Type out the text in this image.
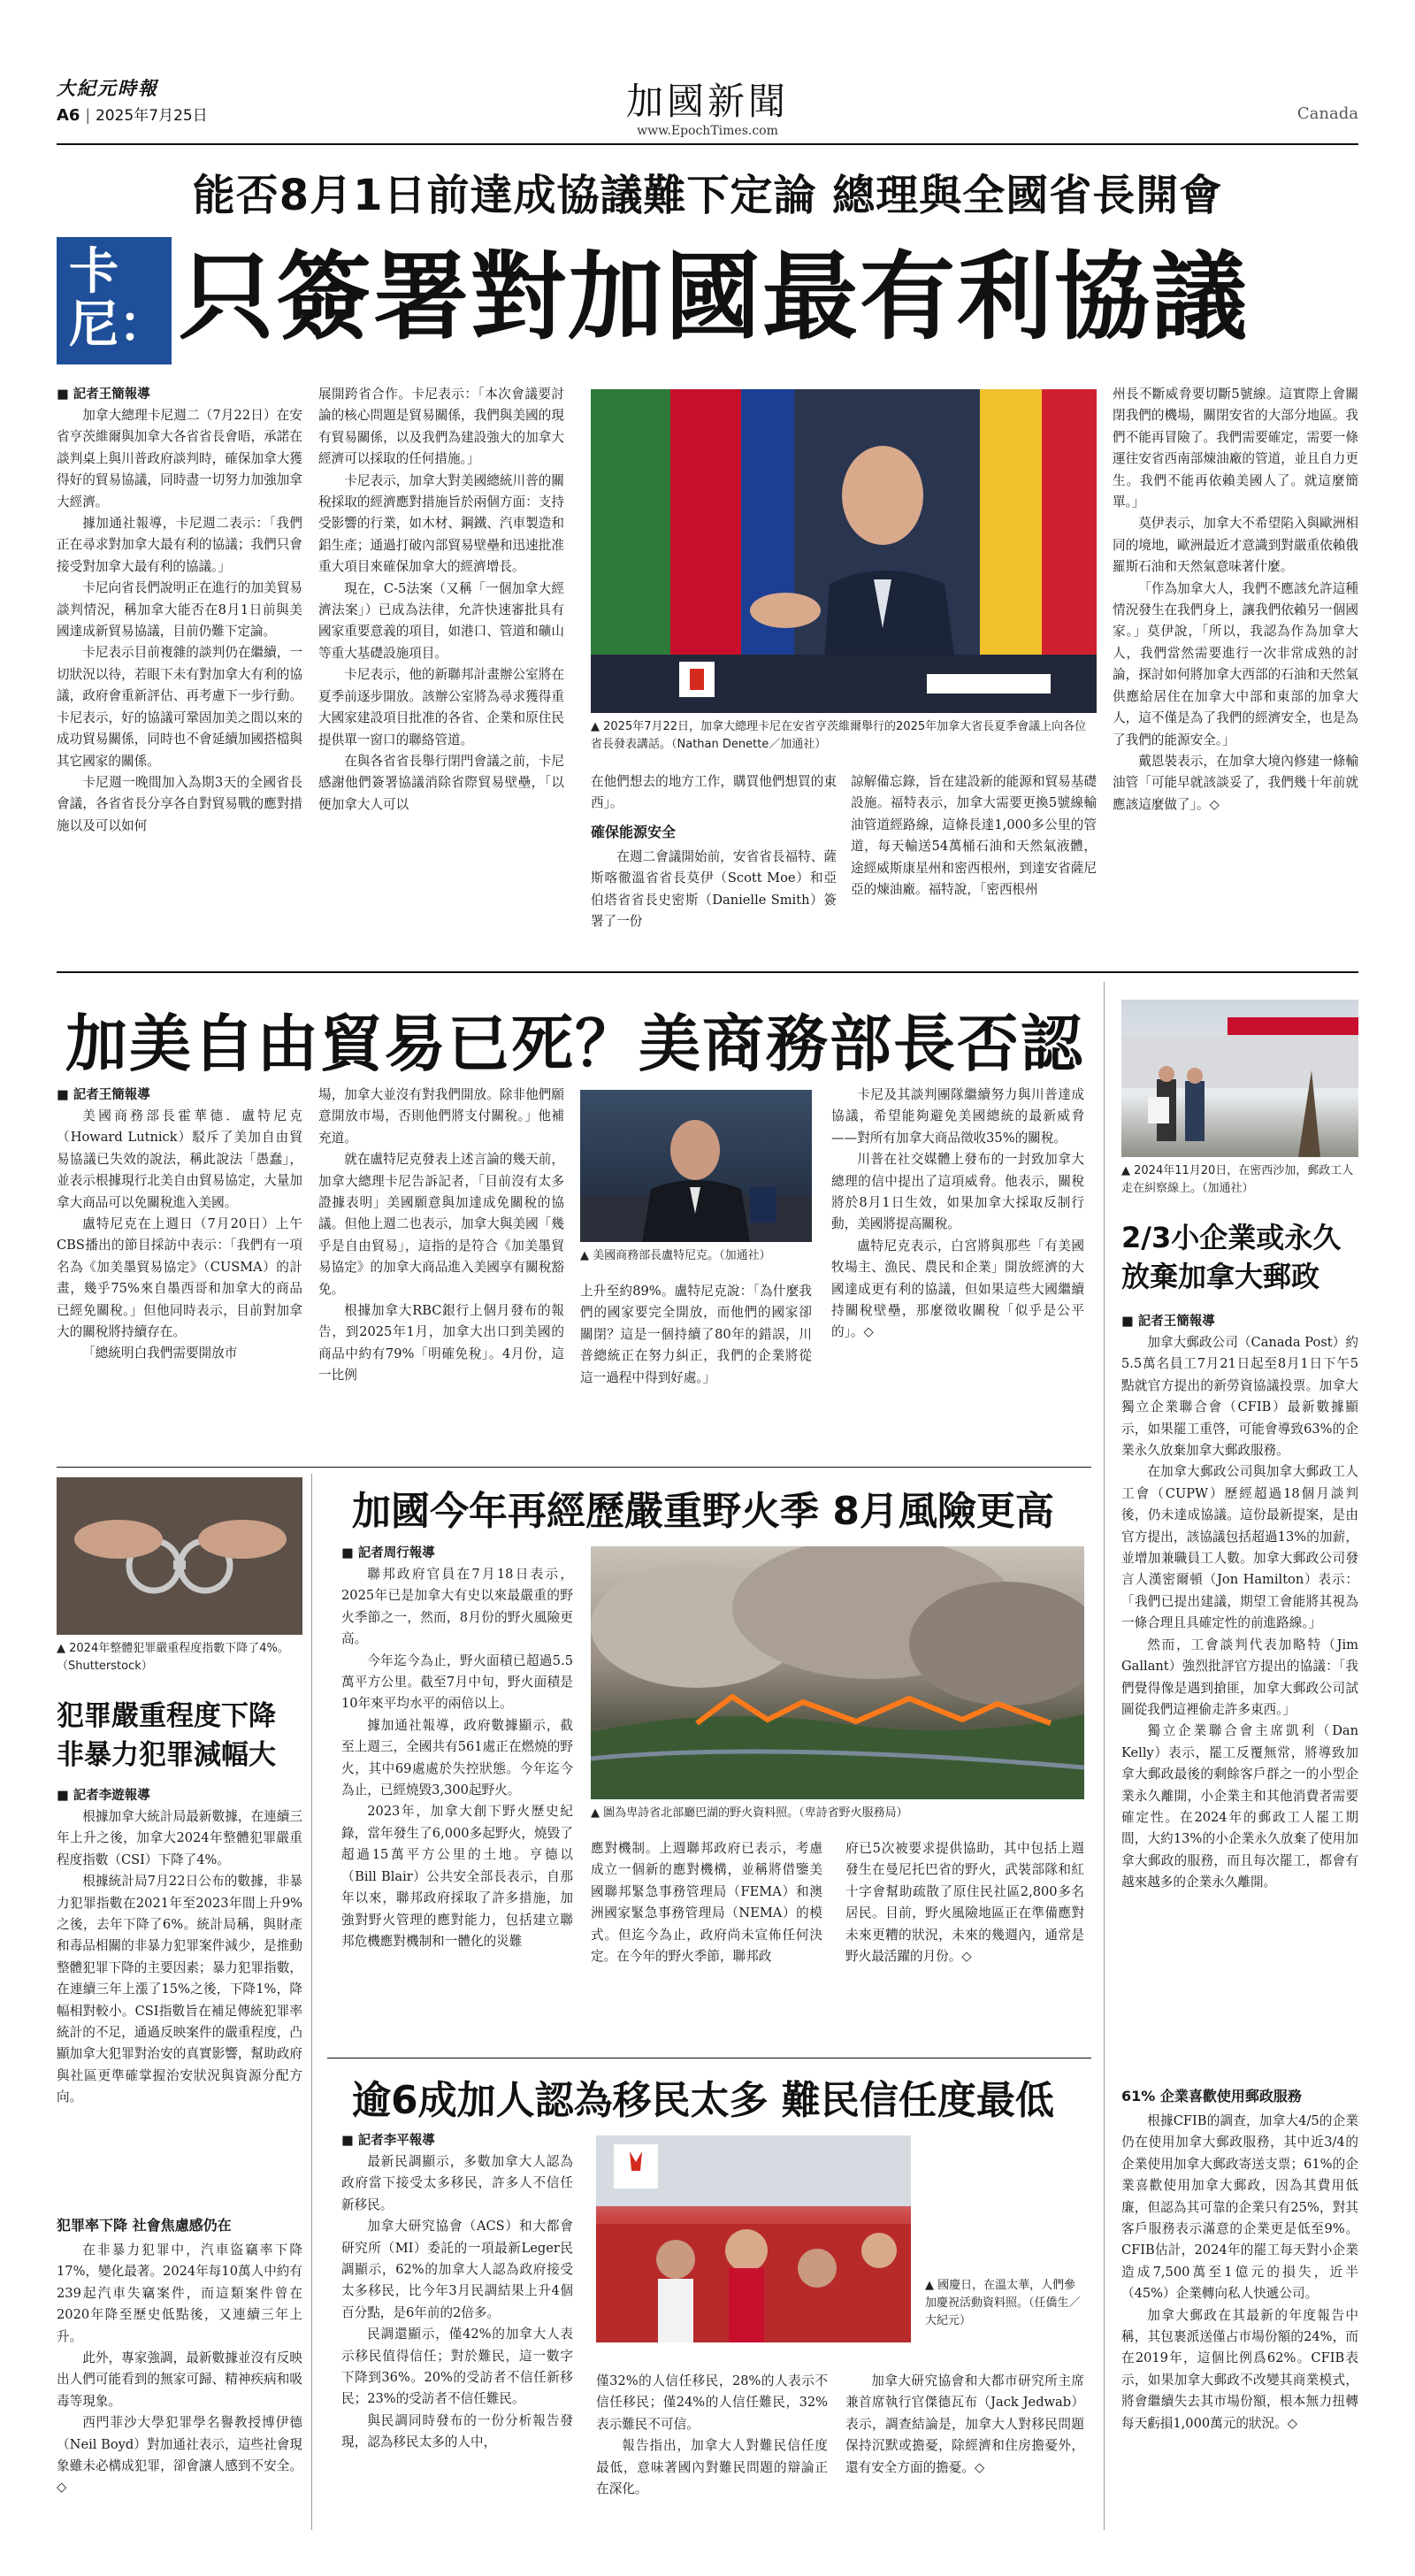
大紀元時報
A6 | 2025年7月25日	加國新聞
www.EpochTimes.com
Canada
能否8月1日前達成協議難下定論 總理與全國省長開會
卡尼： 只簽署對加國最有利協議

■ 記者王簡報導

加拿大總理卡尼週二（7月22日）在安省亨茨維爾與加拿大各省省長會晤，承諾在談判桌上與川普政府談判時，確保加拿大獲得好的貿易協議，同時盡一切努力加強加拿大經濟。

據加通社報導，卡尼週二表示：「我們正在尋求對加拿大最有利的協議；我們只會接受對加拿大最有利的協議。」

卡尼向省長們說明正在進行的加美貿易談判情況，稱加拿大能否在8月1日前與美國達成新貿易協議，目前仍難下定論。

卡尼表示目前複雜的談判仍在繼續，一切狀況以待，若眼下未有對加拿大有利的協議，政府會重新評估、再考慮下一步行動。卡尼表示，好的協議可鞏固加美之間以來的成功貿易關係，同時也不會延續加國搭檔與其它國家的關係。

卡尼週一晚間加入為期3天的全國省長會議，各省省長分享各自對貿易戰的應對措施以及可以如何

展開跨省合作。卡尼表示：「本次會議要討論的核心問題是貿易關係，我們與美國的現有貿易關係，以及我們為建設強大的加拿大經濟可以採取的任何措施。」

卡尼表示，加拿大對美國總統川普的關稅採取的經濟應對措施旨於兩個方面：支持受影響的行業，如木材、鋼鐵、汽車製造和鋁生產；通過打破內部貿易壁壘和迅速批准重大項目來確保加拿大的經濟增長。

現在，C-5法案（又稱「一個加拿大經濟法案」）已成為法律，允許快速審批具有國家重要意義的項目，如港口、管道和礦山等重大基礎設施項目。

卡尼表示，他的新聯邦計畫辦公室將在夏季前逐步開放。該辦公室將為尋求獲得重大國家建設項目批准的各省、企業和原住民提供單一窗口的聯絡管道。

在與各省省長舉行閉門會議之前，卡尼感謝他們簽署協議消除省際貿易壁壘，「以便加拿大人可以

▲ 2025年7月22日，加拿大總理卡尼在安省亨茨維爾舉行的2025年加拿大省長夏季會議上向各位省長發表講話。（Nathan Denette／加通社）

在他們想去的地方工作，購買他們想買的東西」。

確保能源安全

在週二會議開始前，安省省長福特、薩斯喀徹溫省省長莫伊（Scott Moe）和亞伯塔省省長史密斯（Danielle Smith）簽署了一份

諒解備忘錄，旨在建設新的能源和貿易基礎設施。福特表示，加拿大需要更換5號線輸油管道經路線，這條長達1,000多公里的管道，每天輸送54萬桶石油和天然氣液體，途經威斯康星州和密西根州，到達安省薩尼亞的煉油廠。福特說，「密西根州

州長不斷威脅要切斷5號線。這實際上會關閉我們的機場，關閉安省的大部分地區。我們不能再冒險了。我們需要確定，需要一條運往安省西南部煉油廠的管道，並且自力更生。我們不能再依賴美國人了。就這麼簡單。」

莫伊表示，加拿大不希望陷入與歐洲相同的境地，歐洲最近才意識到對嚴重依賴俄羅斯石油和天然氣意味著什麼。

「作為加拿大人，我們不應該允許這種情況發生在我們身上，讓我們依賴另一個國家。」莫伊說，「所以，我認為作為加拿大人，我們當然需要進行一次非常成熟的討論，探討如何將加拿大西部的石油和天然氣供應給居住在加拿大中部和東部的加拿大人，這不僅是為了我們的經濟安全，也是為了我們的能源安全。」

戴恩裝表示，在加拿大境內修建一條輸油管「可能早就該談妥了，我們幾十年前就應該這麼做了」。◇

加美自由貿易已死？美商務部長否認

■ 記者王簡報導

美國商務部長霍華德．盧特尼克（Howard Lutnick）駁斥了美加自由貿易協議已失效的說法，稱此說法「愚蠢」，並表示根據現行北美自由貿易協定，大量加拿大商品可以免關稅進入美國。

盧特尼克在上週日（7月20日）上午CBS播出的節目採訪中表示：「我們有一項名為《加美墨貿易協定》（CUSMA）的計畫，幾乎75%來自墨西哥和加拿大的商品已經免關稅。」但他同時表示，目前對加拿大的關稅將持續存在。

「總統明白我們需要開放市

場，加拿大並沒有對我們開放。除非他們願意開放市場，否則他們將支付關稅。」他補充道。

就在盧特尼克發表上述言論的幾天前，加拿大總理卡尼告訴記者，「目前沒有太多證據表明」美國願意與加達成免關稅的協議。但他上週二也表示，加拿大與美國「幾乎是自由貿易」，這指的是符合《加美墨貿易協定》的加拿大商品進入美國享有關稅豁免。

根據加拿大RBC銀行上個月發布的報告，到2025年1月，加拿大出口到美國的商品中約有79%「明確免稅」。4月份，這一比例

▲ 美國商務部長盧特尼克。（加通社）

上升至約89%。盧特尼克說：「為什麼我們的國家要完全開放，而他們的國家卻關閉？這是一個持續了80年的錯誤，川普總統正在努力糾正，我們的企業將從這一過程中得到好處。」

卡尼及其談判團隊繼續努力與川普達成協議，希望能夠避免美國總統的最新威脅——對所有加拿大商品徵收35%的關稅。

川普在社交媒體上發布的一封致加拿大總理的信中提出了這項威脅。他表示，關稅將於8月1日生效，如果加拿大採取反制行動，美國將提高關稅。

盧特尼克表示，白宮將與那些「有美國牧場主、漁民、農民和企業」開放經濟的大國達成更有利的協議，但如果這些大國繼續持關稅壁壘，那麼徵收關稅「似乎是公平的」。◇

▲ 2024年11月20日，在密西沙加，郵政工人走在糾察線上。（加通社）
2/3小企業或永久
放棄加拿大郵政

■ 記者王簡報導

加拿大郵政公司（Canada Post）約5.5萬名員工7月21日起至8月1日下午5點就官方提出的新勞資協議投票。加拿大獨立企業聯合會（CFIB）最新數據顯示，如果罷工重啓，可能會導致63%的企業永久放棄加拿大郵政服務。

在加拿大郵政公司與加拿大郵政工人工會（CUPW）歷經超過18個月談判後，仍未達成協議。這份最新提案，是由官方提出，該協議包括超過13%的加薪，並增加兼職員工人數。加拿大郵政公司發言人漢密爾頓（Jon Hamilton）表示：「我們已提出建議，期望工會能將其視為一條合理且具確定性的前進路線。」

然而，工會談判代表加略特（Jim Gallant）強烈批評官方提出的協議：「我們覺得像是遇到搶匪，加拿大郵政公司試圖從我們這裡偷走許多東西。」

獨立企業聯合會主席凱利（Dan Kelly）表示，罷工反覆無常，將導致加拿大郵政最後的剩餘客戶群之一的小型企業永久離開，小企業主和其他消費者需要確定性。在2024年的郵政工人罷工期間，大約13%的小企業永久放棄了使用加拿大郵政的服務，而且每次罷工，都會有越來越多的企業永久離開。

61% 企業喜歡使用郵政服務

根據CFIB的調查，加拿大4/5的企業仍在使用加拿大郵政服務，其中近3/4的企業使用加拿大郵政寄送支票；61%的企業喜歡使用加拿大郵政，因為其費用低廉，但認為其可靠的企業只有25%，對其客戶服務表示滿意的企業更是低至9%。CFIB估計，2024年的罷工每天對小企業造成7,500萬至1億元的損失，近半（45%）企業轉向私人快遞公司。

加拿大郵政在其最新的年度報告中稱，其包裹派送僅占市場份額的24%，而在2019年，這個比例爲62%。CFIB表示，如果加拿大郵政不改變其商業模式，將會繼續失去其市場份額，根本無力扭轉每天虧損1,000萬元的狀況。◇

▲ 2024年整體犯罪嚴重程度指數下降了4%。（Shutterstock）
犯罪嚴重程度下降
非暴力犯罪減幅大

■ 記者李遊報導

根據加拿大統計局最新數據，在連續三年上升之後，加拿大2024年整體犯罪嚴重程度指數（CSI）下降了4%。

根據統計局7月22日公布的數據，非暴力犯罪指數在2021年至2023年間上升9%之後，去年下降了6%。統計局稱，與財產和毒品相關的非暴力犯罪案件減少，是推動整體犯罪下降的主要因素；暴力犯罪指數，在連續三年上漲了15%之後，下降1%，降幅相對較小。CSI指數旨在補足傳統犯罪率統計的不足，通過反映案件的嚴重程度，凸顯加拿大犯罪對治安的真實影響，幫助政府與社區更準確掌握治安狀況與資源分配方向。

犯罪率下降 社會焦慮感仍在

在非暴力犯罪中，汽車盜竊率下降17%，變化最著。2024年每10萬人中約有239起汽車失竊案件，而這類案件曾在2020年降至歷史低點後，又連續三年上升。

此外，專家強調，最新數據並沒有反映出人們可能看到的無家可歸、精神疾病和吸毒等現象。

西門菲沙大學犯罪學名譽教授博伊德（Neil Boyd）對加通社表示，這些社會現象雖未必構成犯罪，卻會讓人感到不安全。◇

加國今年再經歷嚴重野火季 8月風險更高

■ 記者周行報導

聯邦政府官員在7月18日表示，2025年已是加拿大有史以來最嚴重的野火季節之一，然而，8月份的野火風險更高。

今年迄今為止，野火面積已超過5.5萬平方公里。截至7月中旬，野火面積是10年來平均水平的兩倍以上。

據加通社報導，政府數據顯示，截至上週三，全國共有561處正在燃燒的野火，其中69處處於失控狀態。今年迄今為止，已經燒毀3,300起野火。

2023年，加拿大創下野火歷史紀錄，當年發生了6,000多起野火，燒毀了超過15萬平方公里的土地。亨德以（Bill Blair）公共安全部長表示，自那年以來，聯邦政府採取了許多措施，加強對野火管理的應對能力，包括建立聯邦危機應對機制和一體化的災難

▲ 圖為卑詩省北部廳巴湖的野火資料照。（卑詩省野火服務局）

應對機制。上週聯邦政府已表示，考慮成立一個新的應對機構，並稱將借鑒美國聯邦緊急事務管理局（FEMA）和澳洲國家緊急事務管理局（NEMA）的模式。但迄今為止，政府尚未宣佈任何決定。在今年的野火季節，聯邦政

府已5次被要求提供協助，其中包括上週發生在曼尼托巴省的野火，武裝部隊和紅十字會幫助疏散了原住民社區2,800多名居民。目前，野火風險地區正在準備應對未來更糟的狀況，未來的幾週內，通常是野火最活躍的月份。◇

逾6成加人認為移民太多 難民信任度最低

■ 記者李平報導

最新民調顯示，多數加拿大人認為政府當下接受太多移民，許多人不信任新移民。

加拿大研究協會（ACS）和大都會研究所（MI）委託的一項最新Leger民調顯示，62%的加拿大人認為政府接受太多移民，比今年3月民調結果上升4個百分點，是6年前的2倍多。

民調還顯示，僅42%的加拿大人表示移民值得信任；對於難民，這一數字下降到36%。20%的受訪者不信任新移民；23%的受訪者不信任難民。

與民調同時發布的一份分析報告發現，認為移民太多的人中，

▲ 國慶日，在溫太華，人們參加慶祝活動資料照。（任僑生／大紀元）

僅32%的人信任移民，28%的人表示不信任移民；僅24%的人信任難民，32%表示難民不可信。

報告指出，加拿大人對難民信任度最低，意味著國內對難民問題的辯論正在深化。

加拿大研究協會和大都市研究所主席兼首席執行官傑德瓦布（Jack Jedwab）表示，調查結論是，加拿大人對移民問題保持沉默或擔憂，除經濟和住房擔憂外，還有安全方面的擔憂。◇
